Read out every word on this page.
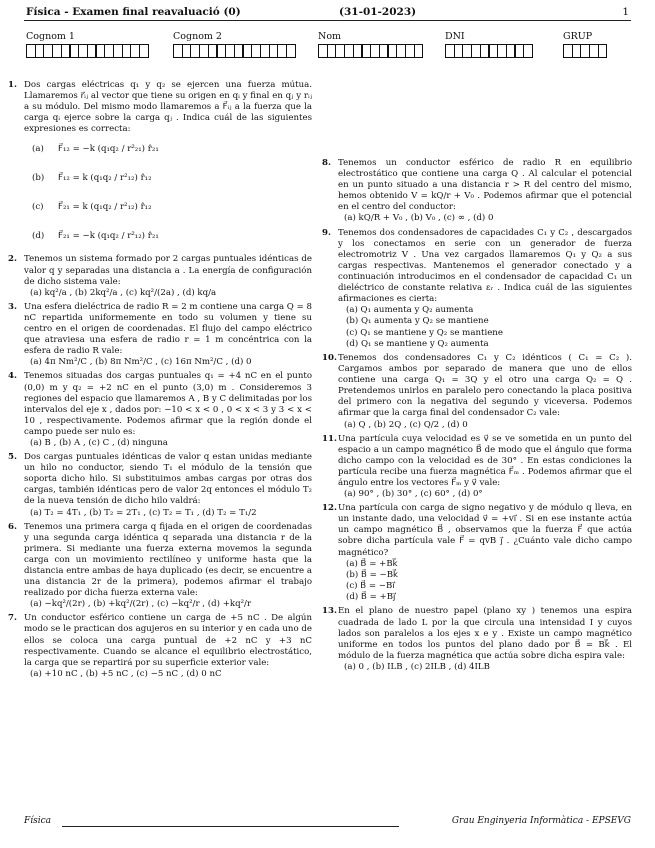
Física - Examen final reavaluació (0)	(31-01-2023)	1
Cognom 1	Cognom 2	Nom	DNI	GRUP
1. Dos cargas eléctricas q₁ y q₂ se ejercen una fuerza mútua. Llamaremos r⃗ᵢⱼ al vector que tiene su origen en qᵢ y final en qⱼ y rᵢⱼ a su módulo. Del mismo modo llamaremos a F⃗ᵢⱼ a la fuerza que la carga qᵢ ejerce sobre la carga qⱼ . Indica cuál de las siguientes expresiones es correcta:
(a)	F⃗₁₂ = −k (q₁q₂ / r²₂₁) r̂₂₁
(b)	F⃗₁₂ = k (q₁q₂ / r²₁₂) r̂₁₂
(c)	F⃗₂₁ = k (q₁q₂ / r²₁₂) r̂₁₂
(d)	F⃗₂₁ = −k (q₁q₂ / r²₁₂) r̂₂₁
2. Tenemos un sistema formado por 2 cargas puntuales idénticas de valor q y separadas una distancia a . La energía de configuración de dicho sistema vale:
(a) kq²/a , (b) 2kq²/a , (c) kq²/(2a) , (d) kq/a
3. Una esfera dieléctrica de radio R = 2 m contiene una carga Q = 8 nC repartida uniformemente en todo su volumen y tiene su centro en el origen de coordenadas. El flujo del campo eléctrico que atraviesa una esfera de radio r = 1 m concéntrica con la esfera de radio R vale:
(a) 4π Nm²/C , (b) 8π Nm²/C , (c) 16π Nm²/C , (d) 0
4. Tenemos situadas dos cargas puntuales q₁ = +4 nC en el punto (0,0) m y q₂ = +2 nC en el punto (3,0) m . Consideremos 3 regiones del espacio que llamaremos A , B y C delimitadas por los intervalos del eje x , dados por: −10 < x < 0 , 0 < x < 3 y 3 < x < 10 , respectivamente. Podemos afirmar que la región donde el campo puede ser nulo es:
(a) B , (b) A , (c) C , (d) ninguna
5. Dos cargas puntuales idénticas de valor q estan unidas mediante un hilo no conductor, siendo T₁ el módulo de la tensión que soporta dicho hilo. Si substituimos ambas cargas por otras dos cargas, también idénticas pero de valor 2q entonces el módulo T₂ de la nueva tensión de dicho hilo valdrá:
(a) T₂ = 4T₁ , (b) T₂ = 2T₁ , (c) T₂ = T₁ , (d) T₂ = T₁/2
6. Tenemos una primera carga q fijada en el origen de coordenadas y una segunda carga idéntica q separada una distancia r de la primera. Si mediante una fuerza externa movemos la segunda carga con un movimiento rectilíneo y uniforme hasta que la distancia entre ambas de haya duplicado (es decir, se encuentre a una distancia 2r de la primera), podemos afirmar el trabajo realizado por dicha fuerza externa vale:
(a) −kq²/(2r) , (b) +kq²/(2r) , (c) −kq²/r , (d) +kq²/r
7. Un conductor esférico contiene un carga de +5 nC . De algún modo se le practican dos agujeros en su interior y en cada uno de ellos se coloca una carga puntual de +2 nC y +3 nC respectivamente. Cuando se alcance el equilibrio electrostático, la carga que se repartirá por su superficie exterior vale:
(a) +10 nC , (b) +5 nC , (c) −5 nC , (d) 0 nC
8. Tenemos un conductor esférico de radio R en equilibrio electrostático que contiene una carga Q . Al calcular el potencial en un punto situado a una distancia r > R del centro del mismo, hemos obtenido V = kQ/r + V₀ . Podemos afirmar que el potencial en el centro del conductor:
(a) kQ/R + V₀ , (b) V₀ , (c) ∞ , (d) 0
9. Tenemos dos condensadores de capacidades C₁ y C₂ , descargados y los conectamos en serie con un generador de fuerza electromotriz V . Una vez cargados llamaremos Q₁ y Q₂ a sus cargas respectivas. Mantenemos el generador conectado y a continuación introducimos en el condensador de capacidad C₁ un dieléctrico de constante relativa εᵣ . Indica cuál de las siguientes afirmaciones es cierta:
(a) Q₁ aumenta y Q₂ aumenta
(b) Q₁ aumenta y Q₂ se mantiene
(c) Q₁ se mantiene y Q₂ se mantiene
(d) Q₁ se mantiene y Q₂ aumenta
10. Tenemos dos condensadores C₁ y C₂ idénticos ( C₁ = C₂ ). Cargamos ambos por separado de manera que uno de ellos contiene una carga Q₁ = 3Q y el otro una carga Q₂ = Q . Pretendemos unirlos en paralelo pero conectando la placa positiva del primero con la negativa del segundo y viceversa. Podemos afirmar que la carga final del condensador C₂ vale:
(a) Q , (b) 2Q , (c) Q/2 , (d) 0
11. Una partícula cuya velocidad es v⃗ se ve sometida en un punto del espacio a un campo magnético B⃗ de modo que el ángulo que forma dicho campo con la velocidad es de 30° . En estas condiciones la partícula recibe una fuerza magnética F⃗ₘ . Podemos afirmar que el ángulo entre los vectores F⃗ₘ y v⃗ vale:
(a) 90° , (b) 30° , (c) 60° , (d) 0°
12. Una partícula con carga de signo negativo y de módulo q lleva, en un instante dado, una velocidad v⃗ = +vı⃗ . Si en ese instante actúa un campo magnético B⃗ , observamos que la fuerza F⃗ que actúa sobre dicha partícula vale F⃗ = qvB ȷ⃗ . ¿Cuánto vale dicho campo magnético?
(a) B⃗ = +Bk⃗
(b) B⃗ = −Bk⃗
(c) B⃗ = −Bı⃗
(d) B⃗ = +Bȷ⃗
13. En el plano de nuestro papel (plano xy ) tenemos una espira cuadrada de lado L por la que circula una intensidad I y cuyos lados son paralelos a los ejes x e y . Existe un campo magnético uniforme en todos los puntos del plano dado por B⃗ = Bk⃗ . El módulo de la fuerza magnética que actúa sobre dicha espira vale:
(a) 0 , (b) ILB , (c) 2ILB , (d) 4ILB
Física	Grau Enginyeria Informàtica - EPSEVG
